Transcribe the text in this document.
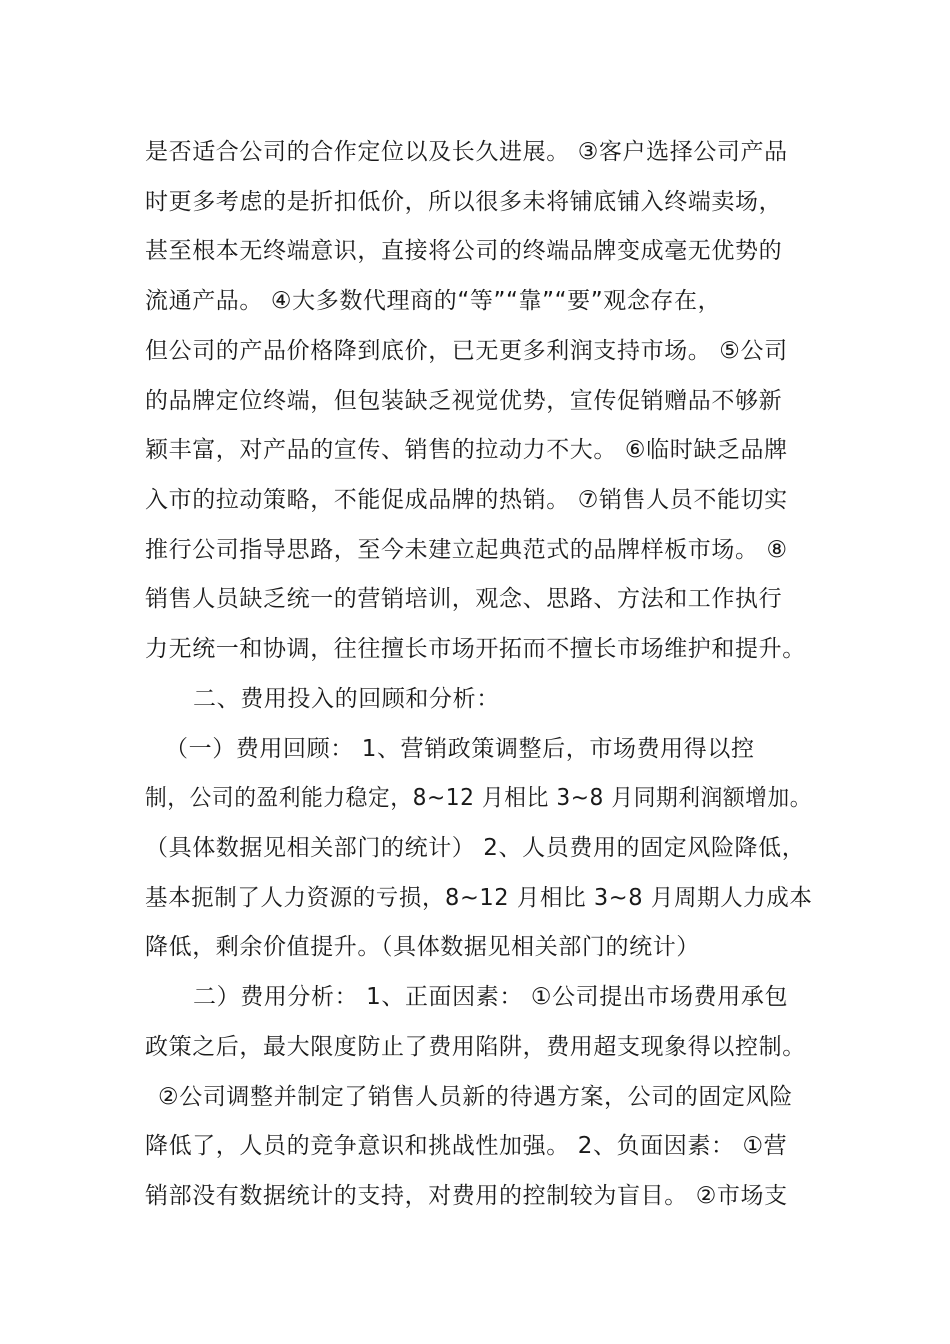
是否适合公司的合作定位以及长久进展。 ③客户选择公司产品
时更多考虑的是折扣低价，所以很多未将铺底铺入终端卖场，
甚至根本无终端意识，直接将公司的终端品牌变成毫无优势的
流通产品。 ④大多数代理商的“等”“靠”“要”观念存在，
但公司的产品价格降到底价，已无更多利润支持市场。 ⑤公司
的品牌定位终端，但包装缺乏视觉优势，宣传促销赠品不够新
颖丰富，对产品的宣传、销售的拉动力不大。 ⑥临时缺乏品牌
入市的拉动策略，不能促成品牌的热销。 ⑦销售人员不能切实
推行公司指导思路，至今未建立起典范式的品牌样板市场。 ⑧
销售人员缺乏统一的营销培训，观念、思路、方法和工作执行
力无统一和协调，往往擅长市场开拓而不擅长市场维护和提升。
二、费用投入的回顾和分析：
（一）费用回顾： 1、营销政策调整后，市场费用得以控
制，公司的盈利能力稳定，8~12 月相比 3~8 月同期利润额增加。
（具体数据见相关部门的统计） 2、人员费用的固定风险降低，
基本扼制了人力资源的亏损，8~12 月相比 3~8 月周期人力成本
降低，剩余价值提升。（具体数据见相关部门的统计）
二）费用分析： 1、正面因素： ①公司提出市场费用承包
政策之后，最大限度防止了费用陷阱，费用超支现象得以控制。
②公司调整并制定了销售人员新的待遇方案，公司的固定风险
降低了，人员的竞争意识和挑战性加强。 2、负面因素： ①营
销部没有数据统计的支持，对费用的控制较为盲目。 ②市场支
